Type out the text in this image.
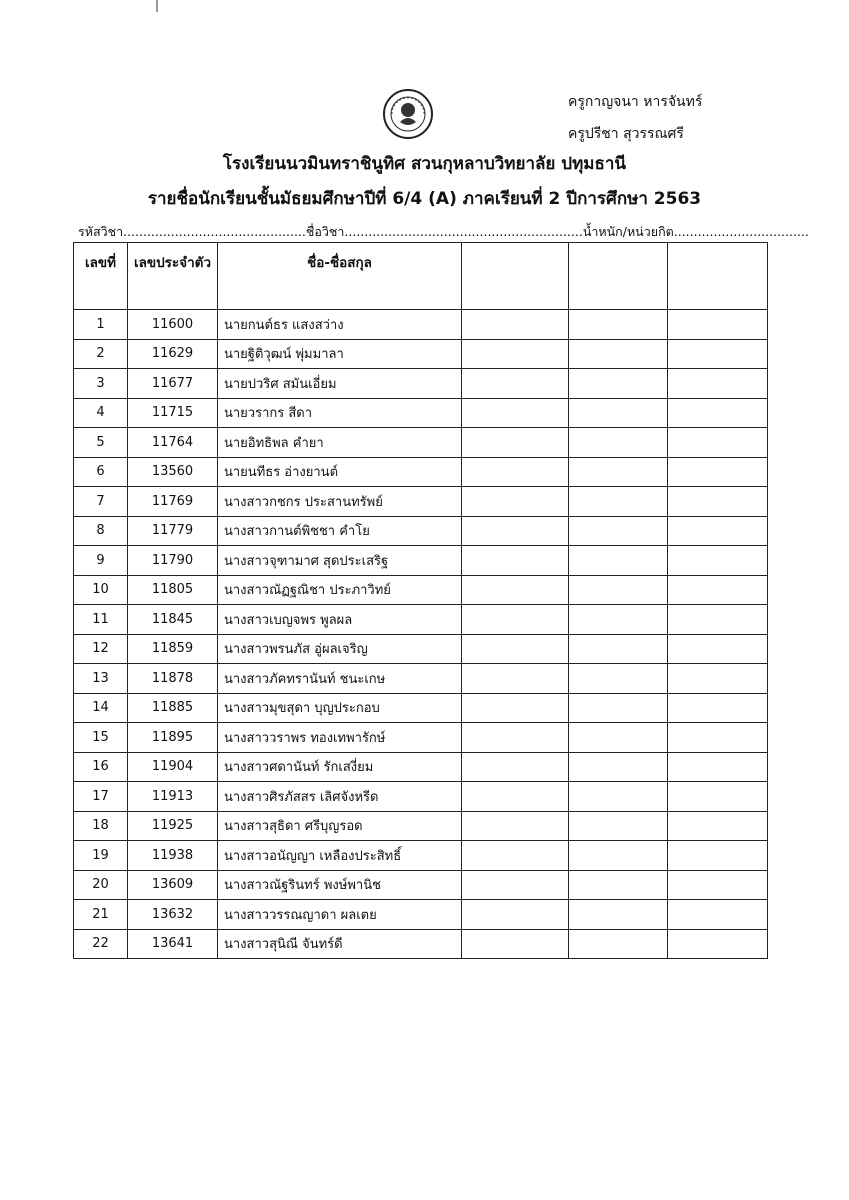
ครูกาญจนา หารจันทร์
ครูปรีชา สุวรรณศรี
โรงเรียนนวมินทราชินูทิศ สวนกุหลาบวิทยาลัย ปทุมธานี
รายชื่อนักเรียนชั้นมัธยมศึกษาปีที่ 6/4 (A) ภาคเรียนที่ 2 ปีการศึกษา 2563
รหัสวิชา..............................................ชื่อวิชา............................................................น้ำหนัก/หน่วยกิต..................................
เลขที่	เลขประจำตัว	ชื่อ-ชื่อสกุล			
1	11600	นายกนต์ธร แสงสว่าง			
2	11629	นายฐิติวุฒน์ พุ่มมาลา			
3	11677	นายปวริศ สมันเอี่ยม			
4	11715	นายวรากร สีดา			
5	11764	นายอิทธิพล คำยา			
6	13560	นายนทีธร อ่างยานต์			
7	11769	นางสาวกชกร ประสานทรัพย์			
8	11779	นางสาวกานต์พิชชา คำโย			
9	11790	นางสาวจุฑามาศ สุดประเสริฐ			
10	11805	นางสาวณัฏฐณิชา ประภาวิทย์			
11	11845	นางสาวเบญจพร พูลผล			
12	11859	นางสาวพรนภัส อู่ผลเจริญ			
13	11878	นางสาวภัคทรานันท์ ชนะเกษ			
14	11885	นางสาวมุขสุดา บุญประกอบ			
15	11895	นางสาววราพร ทองเทพารักษ์			
16	11904	นางสาวศดานันท์ รักเสงี่ยม			
17	11913	นางสาวศิรภัสสร เลิศจังหรีด			
18	11925	นางสาวสุธิดา ศรีบุญรอด			
19	11938	นางสาวอนัญญา เหลืองประสิทธิ์			
20	13609	นางสาวณัฐรินทร์ พงษ์พานิช			
21	13632	นางสาววรรณญาดา ผลเตย			
22	13641	นางสาวสุนิณี จันทร์ดี			
